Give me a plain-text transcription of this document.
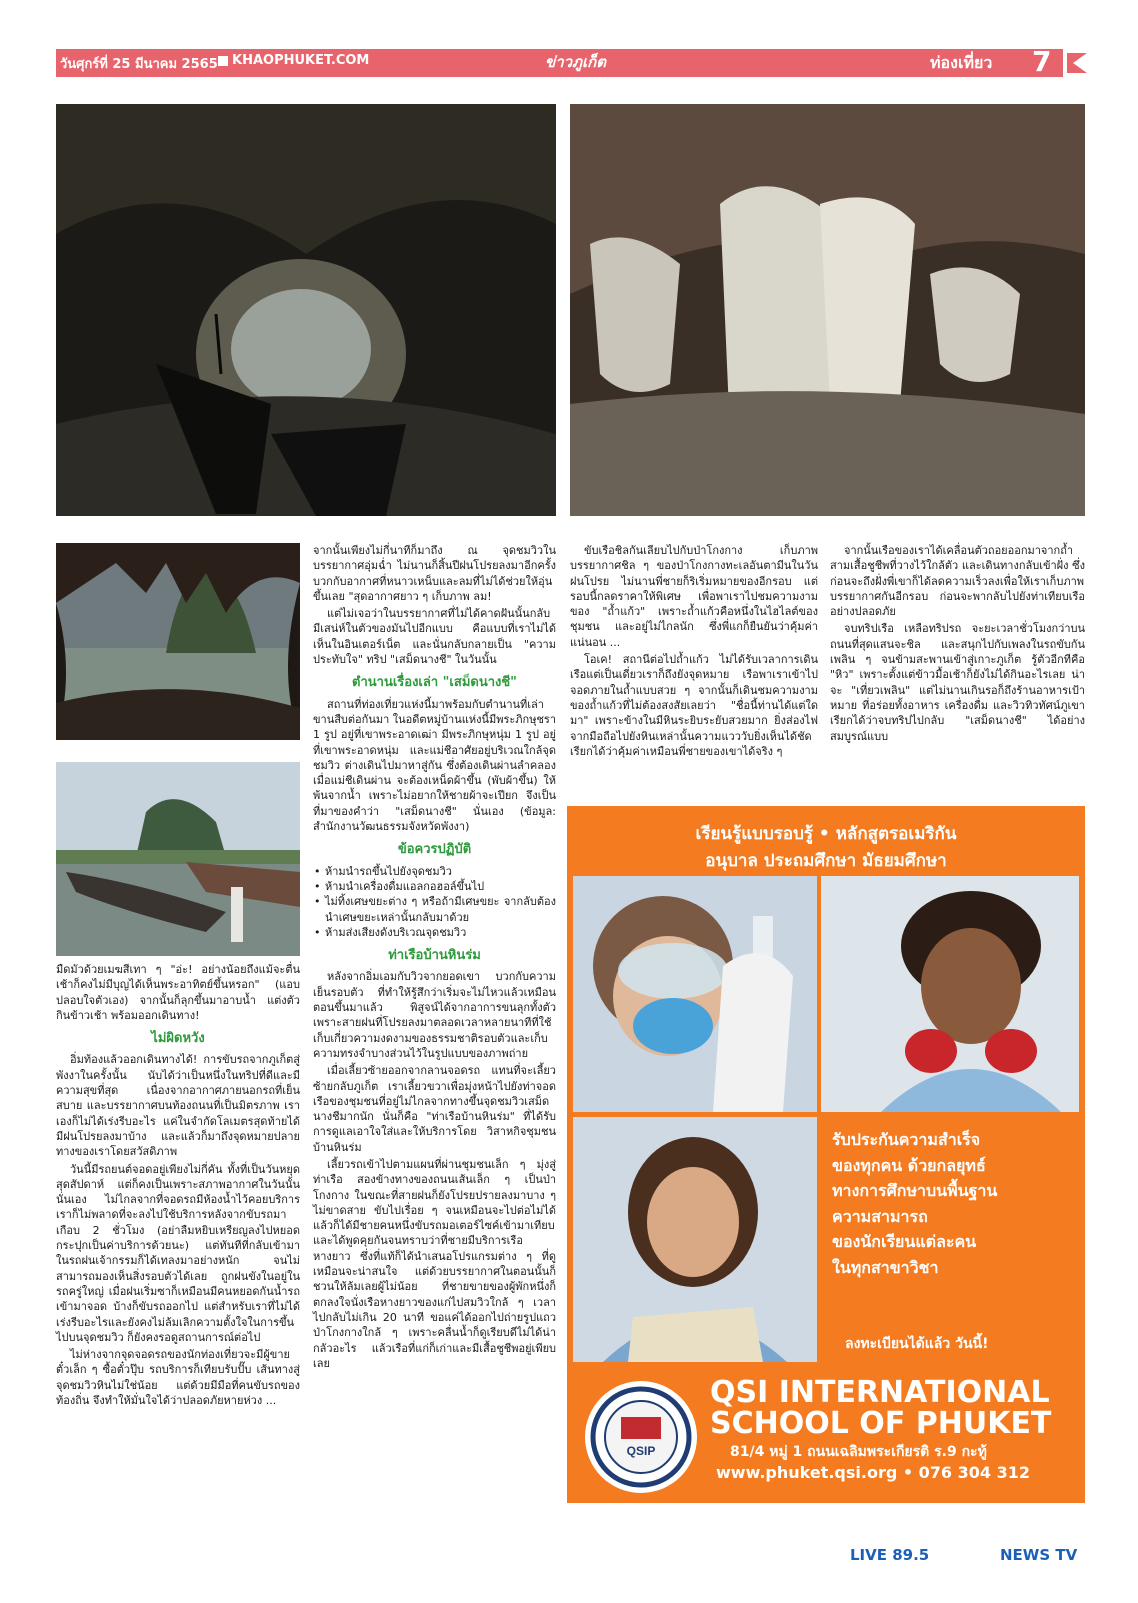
วันศุกร์ที่ 25 มีนาคม 2565 KHAOPHUKET.COM	ข่าวภูเก็ต	ท่องเที่ยว 7

มืดมัวด้วยเมฆสีเทา ๆ "อ่ะ! อย่างน้อยถึงแม้จะตื่นเช้าก็คงไม่มีบุญได้เห็นพระอาทิตย์ขึ้นหรอก" (แอบปลอบใจตัวเอง) จากนั้นก็ลุกขึ้นมาอาบน้ำ แต่งตัว กินข้าวเช้า พร้อมออกเดินทาง!

ไม่ผิดหวัง

อิ่มท้องแล้วออกเดินทางได้! การขับรถจากภูเก็ตสู่พังงาในครั้งนั้น นับได้ว่าเป็นหนึ่งในทริปที่ดีและมีความสุขที่สุด เนื่องจากอากาศภายนอกรถที่เย็นสบาย และบรรยากาศบนท้องถนนที่เป็นมิตรภาพ เราเองก็ไม่ได้เร่งรีบอะไร แค่ในจำกัดโลเมตรสุดท้ายได้มีฝนโปรยลงมาบ้าง และแล้วก็มาถึงจุดหมายปลายทางของเราโดยสวัสดิภาพ

วันนี้มีรถยนต์จอดอยู่เพียงไม่กี่คัน ทั้งที่เป็นวันหยุดสุดสัปดาห์ แต่ก็คงเป็นเพราะสภาพอากาศในวันนั้นนั่นเอง ไม่ไกลจากที่จอดรถมีห้องน้ำไว้คอยบริการ เราก็ไม่พลาดที่จะลงไปใช้บริการหลังจากขับรถมาเกือบ 2 ชั่วโมง (อย่าลืมหยิบเหรียญลงไปหยอดกระปุกเป็นค่าบริการด้วยนะ) แต่ทันทีที่กลับเข้ามาในรถฝนเจ้ากรรมก็ได้เทลงมาอย่างหนัก จนไม่สามารถมองเห็นสิ่งรอบตัวได้เลย ถูกฝนขังในอยู่ในรถครู่ใหญ่ เมื่อฝนเริ่มซาก็เหมือนมีคนหยอดกันน้ำรถเข้ามาจอด บ้างก็ขับรถออกไป แต่สำหรับเราที่ไม่ได้เร่งรีบอะไรและยังคงไม่ล้มเลิกความตั้งใจในการขึ้นไปบนจุดชมวิว ก็ยังคงรอดูสถานการณ์ต่อไป

ไม่ห่างจากจุดจอดรถของนักท่องเที่ยวจะมีผู้ขายตั๋วเล็ก ๆ ซื้อตั๋วปุ๊บ รถบริการก็เทียบรับปั๊บ เส้นทางสู่จุดชมวิวหินไม่ใช่น้อย แต่ด้วยมีมือที่คนขับรถของท้องถิ่น จึงทำให้มั่นใจได้ว่าปลอดภัยหายห่วง ...

จากนั้นเพียงไม่กี่นาทีก็มาถึง ณ จุดชมวิวในบรรยากาศอุ่มฉ่ำ ไม่นานก็สิ้นปีฝนโปรยลงมาอีกครั้ง บวกกับอากาศที่หนาวเหน็บและลมที่ไม่ได้ช่วยให้อุ่นขึ้นเลย "สุดอากาศยาว ๆ เก็บภาพ ลม!

แต่ไม่เจอว่าในบรรยากาศที่ไม่ได้คาดฝันนั้นกลับมีเสน่ห์ในตัวของมันไปอีกแบบ คือแบบที่เราไม่ได้เห็นในอินเตอร์เน็ต และนั่นกลับกลายเป็น "ความประทับใจ" ทริป "เสม็ดนางชี" ในวันนั้น

ตำนานเรื่องเล่า "เสม็ดนางชี"

สถานที่ท่องเที่ยวแห่งนี้มาพร้อมกับตำนานที่เล่าขานสืบต่อกันมา ในอดีตหมู่บ้านแห่งนี้มีพระภิกษุชรา 1 รูป อยู่ที่เขาพระอาดเฒ่า มีพระภิกษุหนุ่ม 1 รูป อยู่ที่เขาพระอาดหนุ่ม และแม่ชีอาศัยอยู่บริเวณใกล้จุดชมวิว ต่างเดินไปมาหาสู่กัน ซึ่งต้องเดินผ่านลำคลอง เมื่อแม่ชีเดินผ่าน จะต้องเหน็ดผ้าขึ้น (พับผ้าขึ้น) ให้พ้นจากน้ำ เพราะไม่อยากให้ชายผ้าจะเปียก จึงเป็นที่มาของคำว่า "เสม็ดนางชี" นั่นเอง (ข้อมูล: สำนักงานวัฒนธรรมจังหวัดพังงา)

ข้อควรปฏิบัติ
• ห้ามนำรถขึ้นไปยังจุดชมวิว
• ห้ามนำเครื่องดื่มแอลกอฮอล์ขึ้นไป
• ไม่ทิ้งเศษขยะต่าง ๆ หรือถ้ามีเศษขยะ จากลับต้องนำเศษขยะเหล่านั้นกลับมาด้วย
• ห้ามส่งเสียงดังบริเวณจุดชมวิว
ท่าเรือบ้านหินร่ม

หลังจากอิ่มเอมกับวิวจากยอดเขา บวกกับความเย็นรอบตัว ที่ทำให้รู้สึกว่าเริ่มจะไม่ไหวแล้วเหมือนตอนขึ้นมาแล้ว พิสูจน์ได้จากอาการขนลุกทั้งตัว เพราะสายฝนที่โปรยลงมาตลอดเวลาหลายนาทีที่ใช้เก็บเกี่ยวความงดงามของธรรมชาติรอบตัวและเก็บความทรงจำบางส่วนไว้ในรูปแบบของภาพถ่าย

เมื่อเลี้ยวซ้ายออกจากลานจอดรถ แทนที่จะเลี้ยวซ้ายกลับภูเก็ต เราเลี้ยวขวาเพื่อมุ่งหน้าไปยังท่าจอดเรือของชุมชนที่อยู่ไม่ไกลจากทางขึ้นจุดชมวิวเสม็ดนางชีมากนัก นั่นก็คือ "ท่าเรือบ้านหินร่ม" ที่ได้รับการดูแลเอาใจใส่และให้บริการโดย วิสาหกิจชุมชน บ้านหินร่ม

เลี้ยวรถเข้าไปตามแผนที่ผ่านชุมชนเล็ก ๆ มุ่งสู่ท่าเรือ สองข้างทางของถนนเส้นเล็ก ๆ เป็นป่าโกงกาง ในขณะที่สายฝนก็ยังโปรยปรายลงมาบาง ๆ ไม่ขาดสาย ขับไปเรื่อย ๆ จนเหมือนจะไปต่อไม่ได้ แล้วก็ได้มีชายคนหนึ่งขับรถมอเตอร์ไซค์เข้ามาเทียบ และได้พูดคุยกันจนทราบว่าที่ชายมีบริการเรือหางยาว ซึ่งที่แท้ก็ได้นำเสนอโปรแกรมต่าง ๆ ที่ดูเหมือนจะน่าสนใจ แต่ด้วยบรรยากาศในตอนนั้นก็ชวนให้ล้มเลยผู้ไม่น้อย ที่ชายขายของผู้พักหนึ่งก็ตกลงใจนั่งเรือหางยาวของแก่ไปสมวิวใกล้ ๆ เวลาไปกลับไม่เกิน 20 นาที ขอแค่ได้ออกไปถ่ายรูปแถวป่าโกงกางใกล้ ๆ เพราะคลื่นน้ำก็ดูเรียบดีไม่ได้น่ากลัวอะไร แล้วเรือที่แก่ก็เก่าและมีเสื้อชูชีพอยู่เพียบเลย

ขับเรือชิลกันเลียบไปกับป่าโกงกาง เก็บภาพบรรยากาศชิล ๆ ของป่าโกงกางทะเลอันตามีนในวันฝนโปรย ไม่นานพี่ชายก็ริเริ่มหมายของอีกรอบ แต่รอบนี้กลดราคาให้พิเศษ เพื่อพาเราไปชมความงามของ "ถ้ำแก้ว" เพราะถ้ำแก้วคือหนึ่งในไฮไลต์ของชุมชน และอยู่ไม่ไกลนัก ซึ่งพี่แกก็ยืนยันว่าคุ้มค่าแน่นอน ...

โอเค! สถานีต่อไปถ้ำแก้ว ไม่ได้รับเวลาการเดินเรือแต่เป็นเดี่ยวเราก็ถึงยังจุดหมาย เรือพาเราเข้าไปจอดภายในถ้ำแบบสวย ๆ จากนั้นก็เดินชมความงามของถ้ำแก้วที่ไม่ต้องสงสัยเลยว่า "ชื่อนี้ท่านได้แต่ใดมา" เพราะข้างในมีหินระยิบระยับสวยมาก ยิ่งส่องไฟจากมือถือไปยังหินเหล่านั้นความแวววับยิ่งเห็นได้ชัด เรียกได้ว่าคุ้มค่าเหมือนพี่ชายของเขาได้จริง ๆ

จากนั้นเรือของเราได้เคลื่อนตัวถอยออกมาจากถ้ำ สามเสื้อชูชีพที่วางไว้ใกล้ตัว และเดินทางกลับเข้าฝั่ง ซึ่งก่อนจะถึงฝั่งพี่เขาก็ได้ลดความเร็วลงเพื่อให้เราเก็บภาพบรรยากาศกันอีกรอบ ก่อนจะพากลับไปยังท่าเทียบเรืออย่างปลอดภัย

จบทริปเรือ เหลือทริปรถ จะยะเวลาชั่วโมงกว่าบนถนนที่สุดแสนจะชิล และสนุกไปกับเพลงในรถขับกันเพลิน ๆ จนข้ามสะพานเข้าสู่เกาะภูเก็ต รู้ตัวอีกทีคือ "หิว" เพราะตั้งแต่ข้าวมื้อเช้าก็ยังไม่ได้กินอะไรเลย น่าจะ "เที่ยวเพลิน" แต่ไม่นานเกินรอก็ถึงร้านอาหารเป้าหมาย ที่อร่อยทั้งอาหาร เครื่องดื่ม และวิวทิวทัศน์ภูเขา เรียกได้ว่าจบทริปไปกลับ "เสม็ดนางชี" ได้อย่างสมบูรณ์แบบ

เรียนรู้แบบรอบรู้ • หลักสูตรอเมริกัน
อนุบาล ประถมศึกษา มัธยมศึกษา
รับประกันความสำเร็จ
ของทุกคน ด้วยกลยุทธ์
ทางการศึกษาบนพื้นฐาน
ความสามารถ
ของนักเรียนแต่ละคน
ในทุกสาขาวิชา
ลงทะเบียนได้แล้ว วันนี้!
QSIP
QSI INTERNATIONAL
SCHOOL OF PHUKET
81/4 หมู่ 1 ถนนเฉลิมพระเกียรติ ร.9 กะทู้
www.phuket.qsi.org • 076 304 312
LIVE 89.5	NEWS TV
